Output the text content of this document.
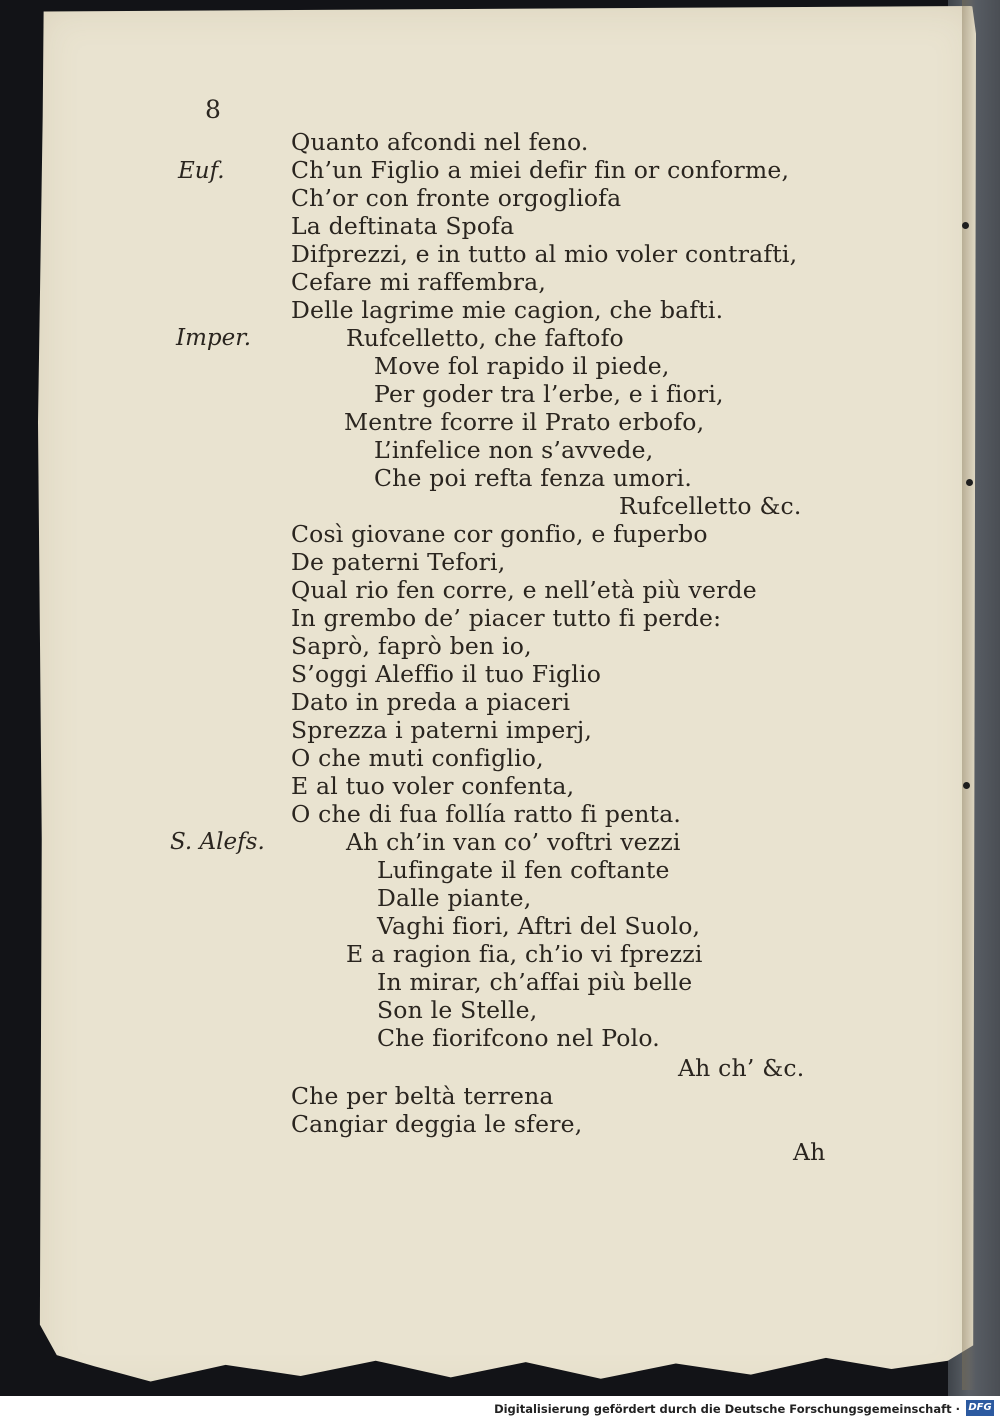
8
Euf.
Imper.
S. Alefs.
Quanto afcondi nel feno.
Ch’un Figlio a miei defir fin or conforme,
Ch’or con fronte orgogliofa
La deftinata Spofa
Difprezzi, e in tutto al mio voler contrafti,
Cefare mi raffembra,
Delle lagrime mie cagion, che bafti.
Rufcelletto, che faftofo
Move fol rapido il piede,
Per goder tra l’erbe, e i fiori,
Mentre fcorre il Prato erbofo,
L’infelice non s’avvede,
Che poi refta fenza umori.
Rufcelletto &c.
Così giovane cor gonfio, e fuperbo
De paterni Tefori,
Qual rio fen corre, e nell’età più verde
In grembo de’ piacer tutto fi perde:
Saprò, faprò ben io,
S’oggi Aleffio il tuo Figlio
Dato in preda a piaceri
Sprezza i paterni imperj,
O che muti configlio,
E al tuo voler confenta,
O che di fua follía ratto fi penta.
Ah ch’in van co’ voftri vezzi
Lufingate il fen coftante
Dalle piante,
Vaghi fiori, Aftri del Suolo,
E a ragion fia, ch’io vi fprezzi
In mirar, ch’affai più belle
Son le Stelle,
Che fiorifcono nel Polo.
Ah ch’ &c.
Che per beltà terrena
Cangiar deggia le sfere,
Ah
Digitalisierung gefördert durch die Deutsche Forschungsgemeinschaft · DFG
